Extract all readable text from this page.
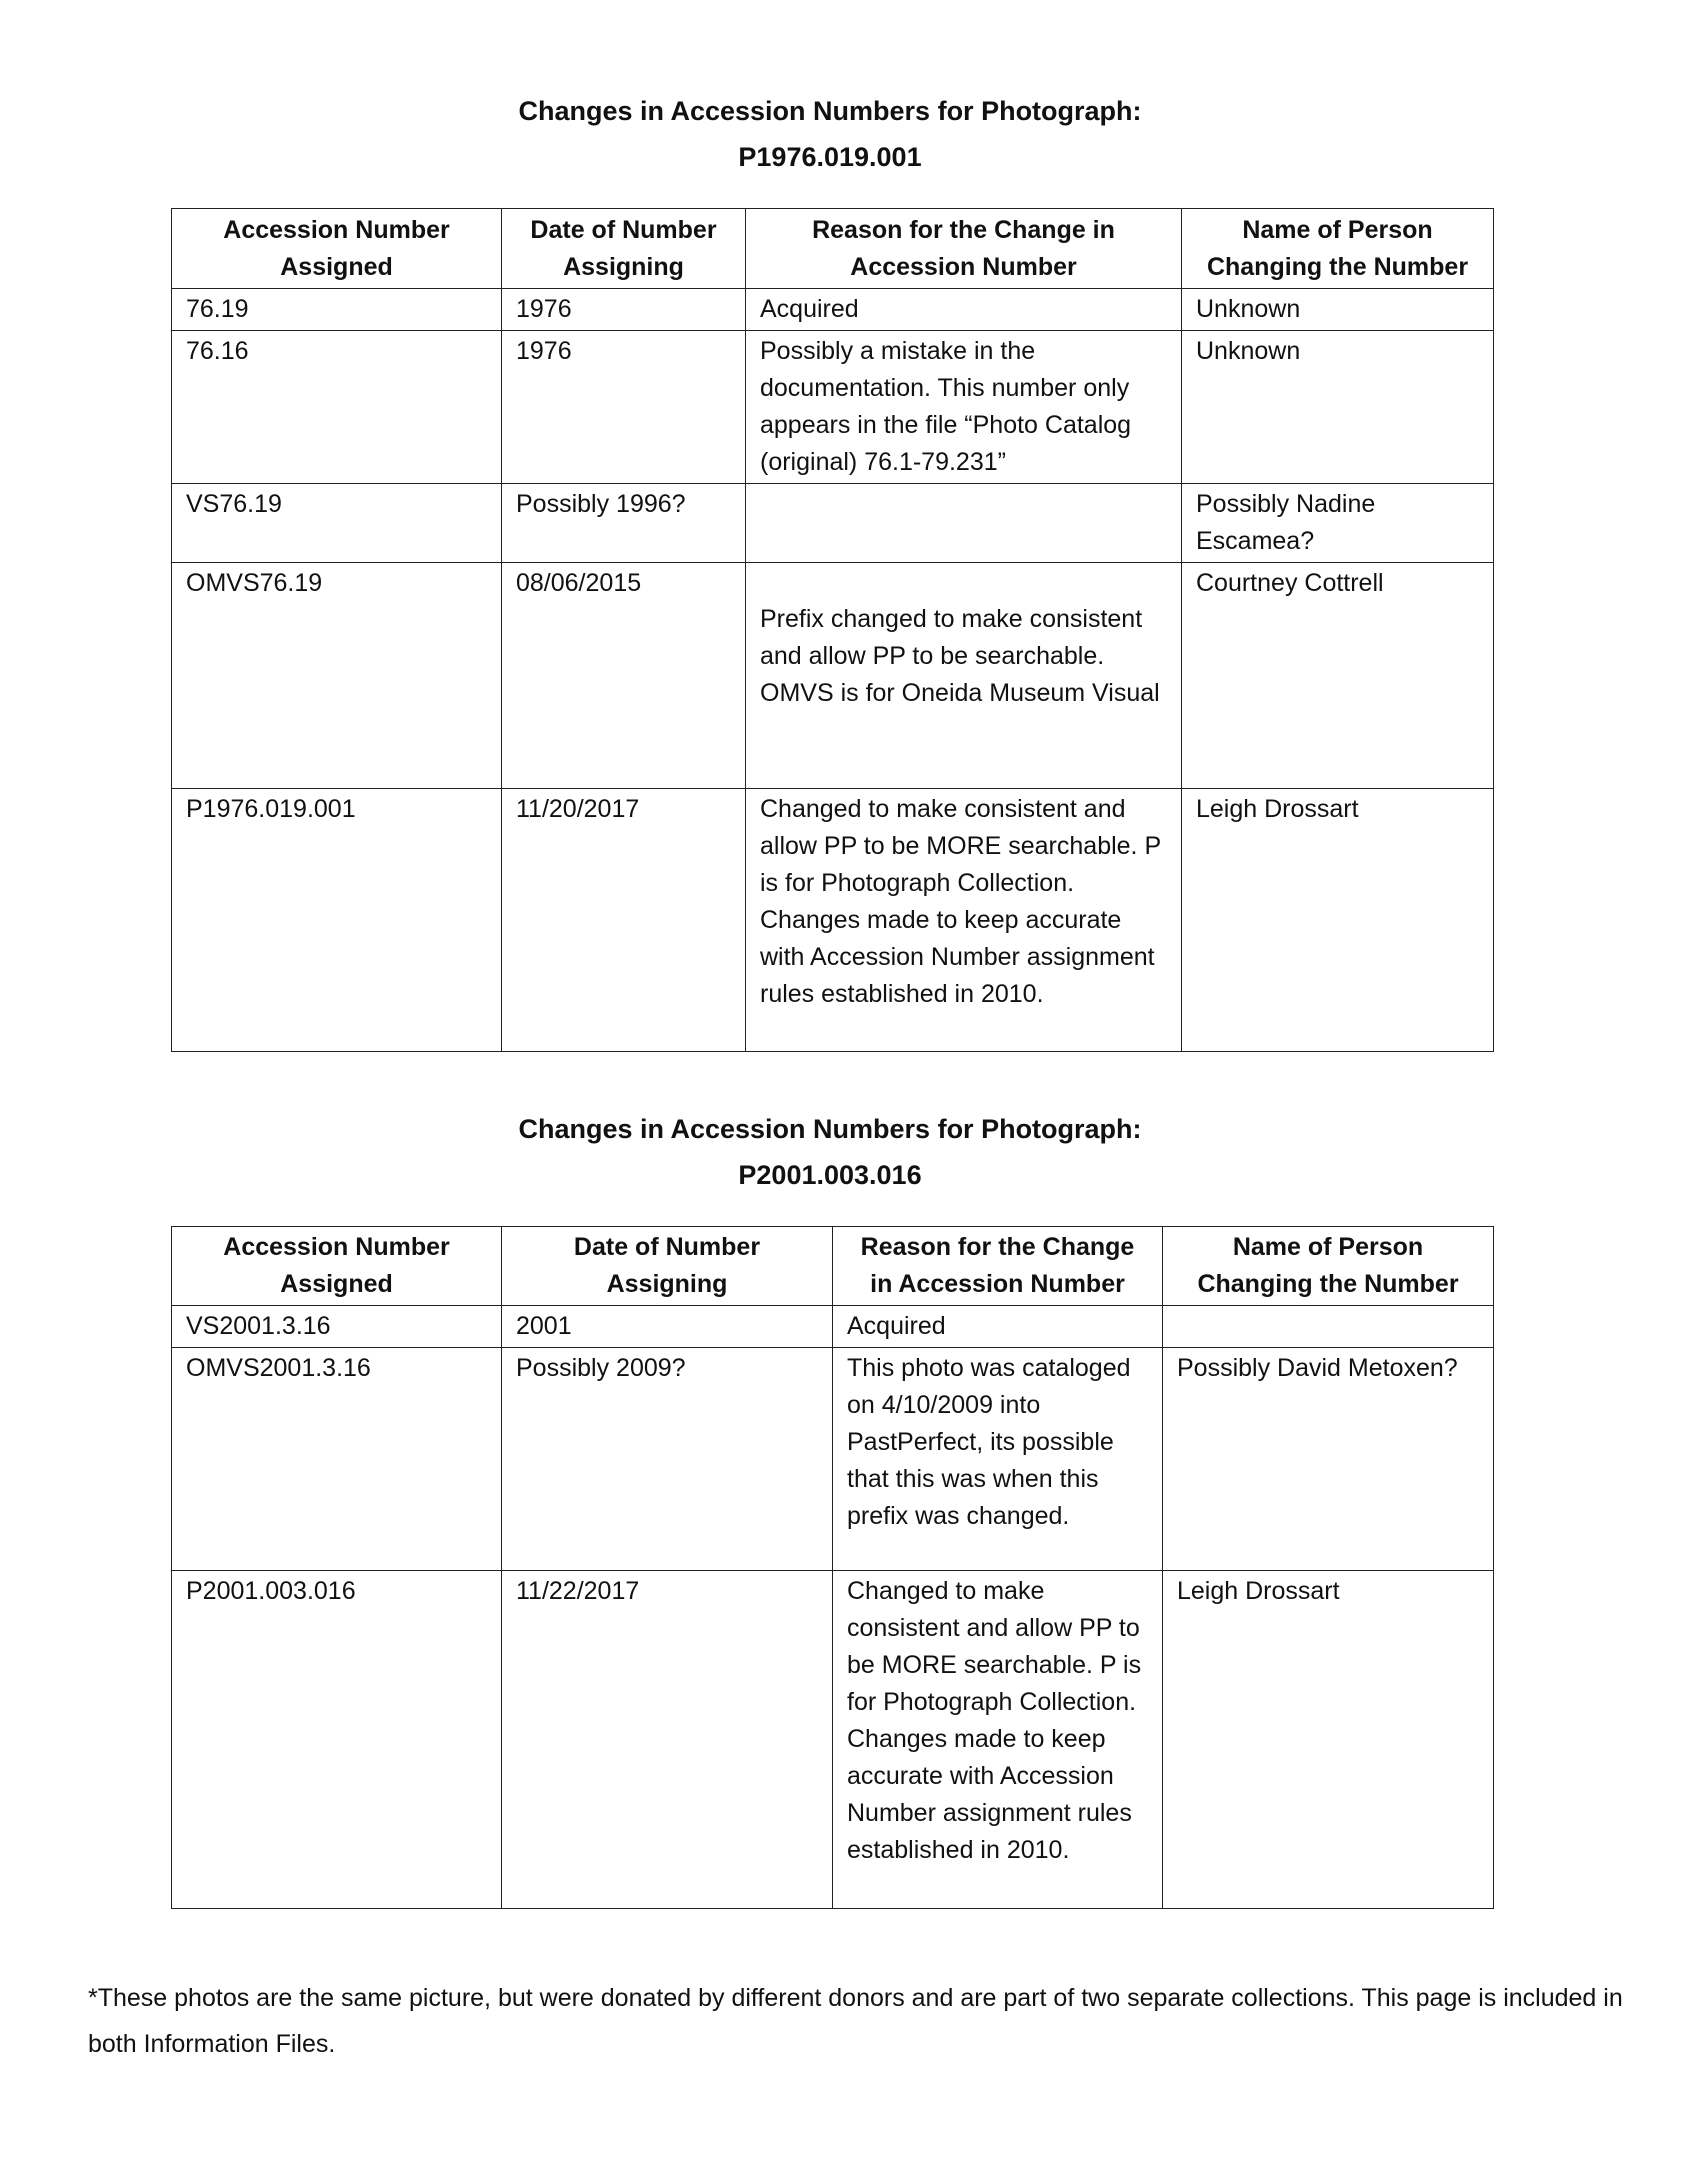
Changes in Accession Numbers for Photograph:
P1976.019.001
Accession Number Assigned	Date of Number Assigning	Reason for the Change in Accession Number	Name of Person Changing the Number
76.19	1976	Acquired	Unknown
76.16	1976	Possibly a mistake in the documentation. This number only appears in the file “Photo Catalog (original) 76.1-79.231”	Unknown
VS76.19	Possibly 1996?		Possibly Nadine Escamea?
OMVS76.19	08/06/2015	Prefix changed to make consistent and allow PP to be searchable. OMVS is for Oneida Museum Visual	Courtney Cottrell
P1976.019.001	11/20/2017	Changed to make consistent and allow PP to be MORE searchable. P is for Photograph Collection. Changes made to keep accurate with Accession Number assignment rules established in 2010.	Leigh Drossart
Changes in Accession Numbers for Photograph:
P2001.003.016
Accession Number Assigned	Date of Number Assigning	Reason for the Change in Accession Number	Name of Person Changing the Number
VS2001.3.16	2001	Acquired	
OMVS2001.3.16	Possibly 2009?	This photo was cataloged on 4/10/2009 into PastPerfect, its possible that this was when this prefix was changed.	Possibly David Metoxen?
P2001.003.016	11/22/2017	Changed to make consistent and allow PP to be MORE searchable. P is for Photograph Collection. Changes made to keep accurate with Accession Number assignment rules established in 2010.	Leigh Drossart
*These photos are the same picture, but were donated by different donors and are part of two separate collections. This page is included in both Information Files.
